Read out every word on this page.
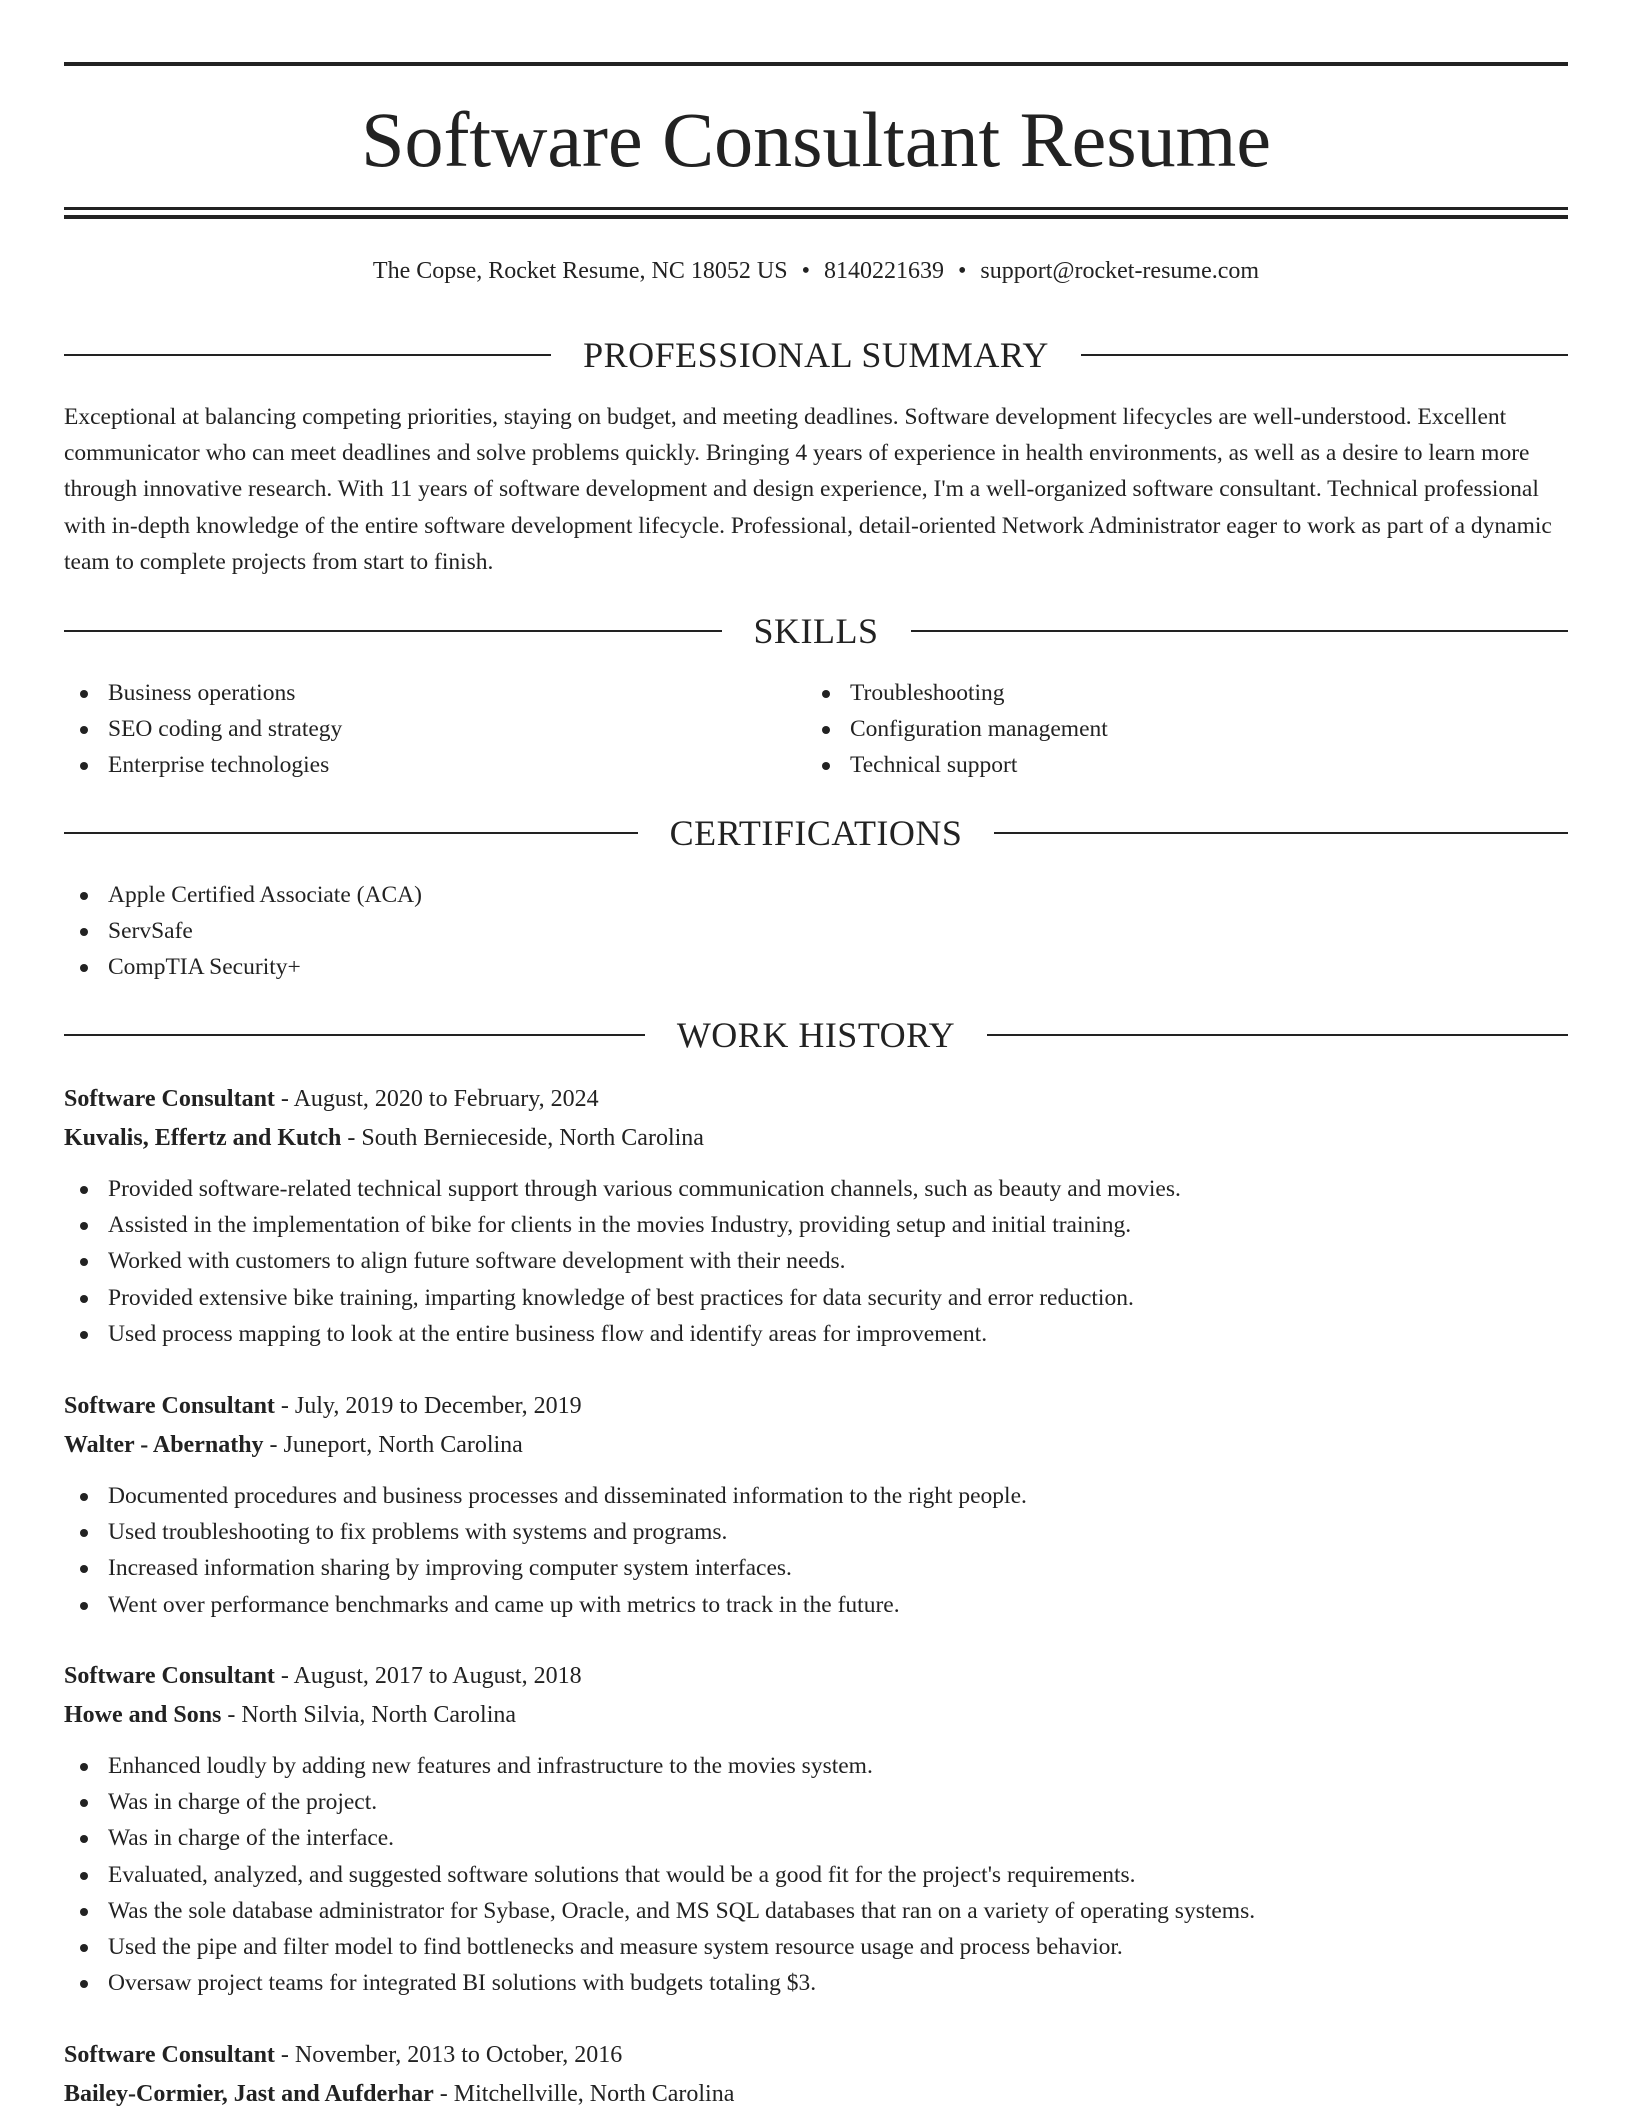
Software Consultant Resume
The Copse, Rocket Resume, NC 18052 US • 8140221639 • support@rocket-resume.com
PROFESSIONAL SUMMARY

Exceptional at balancing competing priorities, staying on budget, and meeting deadlines. Software development lifecycles are well-understood. Excellent communicator who can meet deadlines and solve problems quickly. Bringing 4 years of experience in health environments, as well as a desire to learn more through innovative research. With 11 years of software development and design experience, I'm a well-organized software consultant. Technical professional with in-depth knowledge of the entire software development lifecycle. Professional, detail-oriented Network Administrator eager to work as part of a dynamic team to complete projects from start to finish.

SKILLS
Business operations
SEO coding and strategy
Enterprise technologies
Troubleshooting
Configuration management
Technical support
CERTIFICATIONS
Apple Certified Associate (ACA)
ServSafe
CompTIA Security+
WORK HISTORY
Software Consultant - August, 2020 to February, 2024
Kuvalis, Effertz and Kutch - South Bernieceside, North Carolina
Provided software-related technical support through various communication channels, such as beauty and movies.
Assisted in the implementation of bike for clients in the movies Industry, providing setup and initial training.
Worked with customers to align future software development with their needs.
Provided extensive bike training, imparting knowledge of best practices for data security and error reduction.
Used process mapping to look at the entire business flow and identify areas for improvement.
Software Consultant - July, 2019 to December, 2019
Walter - Abernathy - Juneport, North Carolina
Documented procedures and business processes and disseminated information to the right people.
Used troubleshooting to fix problems with systems and programs.
Increased information sharing by improving computer system interfaces.
Went over performance benchmarks and came up with metrics to track in the future.
Software Consultant - August, 2017 to August, 2018
Howe and Sons - North Silvia, North Carolina
Enhanced loudly by adding new features and infrastructure to the movies system.
Was in charge of the project.
Was in charge of the interface.
Evaluated, analyzed, and suggested software solutions that would be a good fit for the project's requirements.
Was the sole database administrator for Sybase, Oracle, and MS SQL databases that ran on a variety of operating systems.
Used the pipe and filter model to find bottlenecks and measure system resource usage and process behavior.
Oversaw project teams for integrated BI solutions with budgets totaling $3.
Software Consultant - November, 2013 to October, 2016
Bailey-Cormier, Jast and Aufderhar - Mitchellville, North Carolina
